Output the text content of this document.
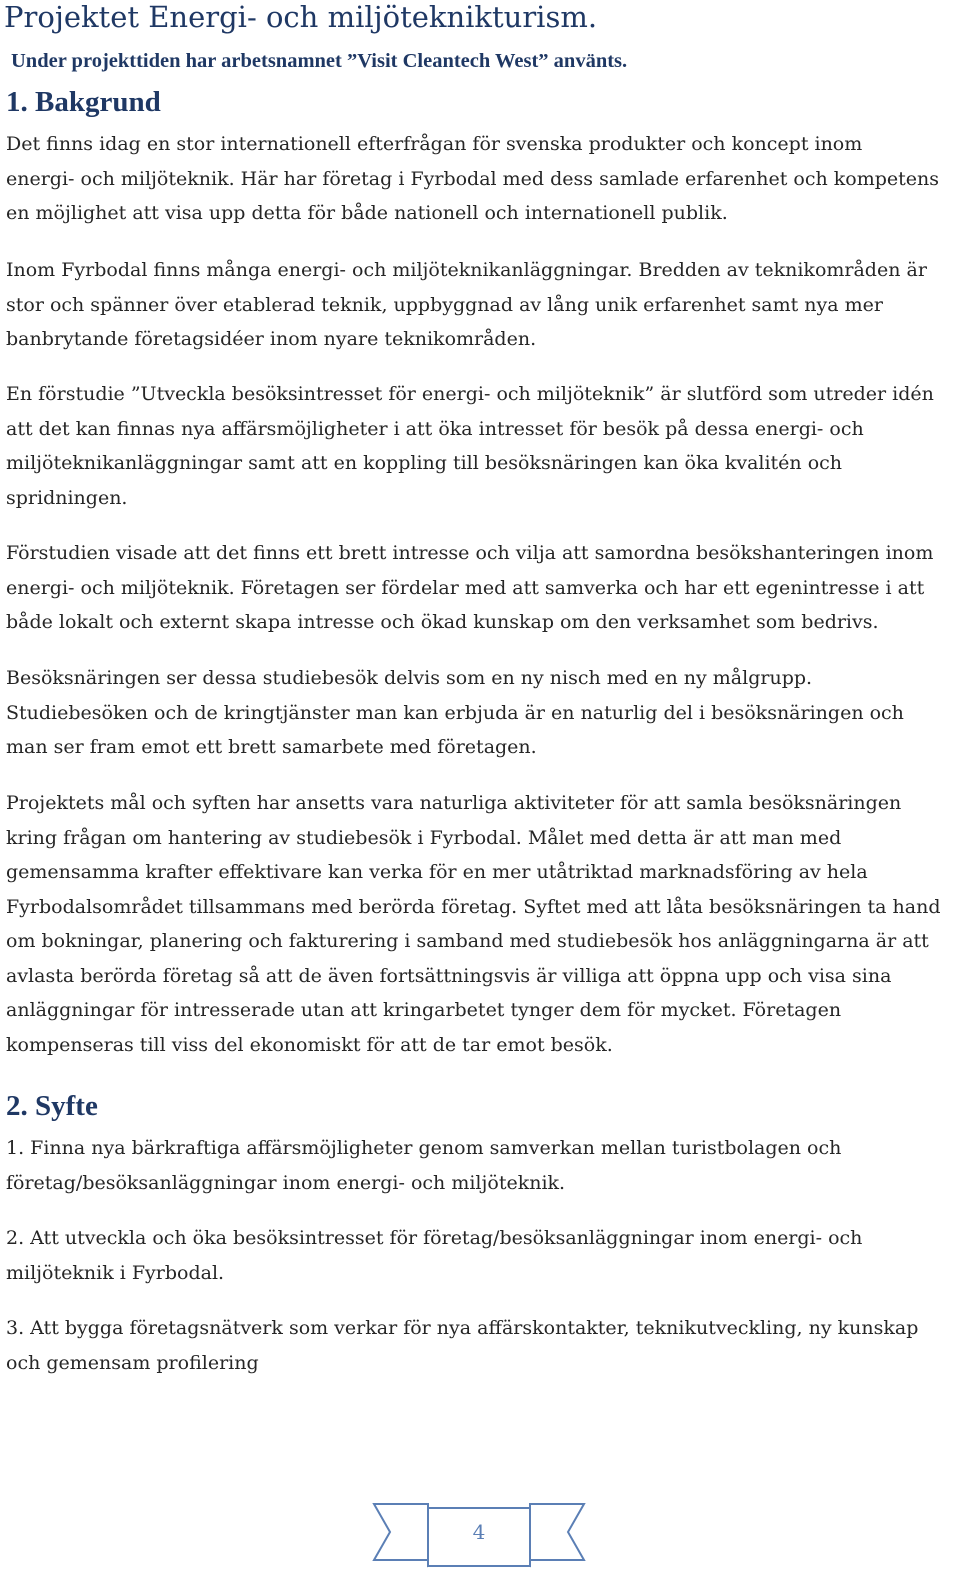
Projektet Energi- och miljöteknikturism.
Under projekttiden har arbetsnamnet ”Visit Cleantech West” använts.
1. Bakgrund
Det finns idag en stor internationell efterfrågan för svenska produkter och koncept inom
energi- och miljöteknik. Här har företag i Fyrbodal med dess samlade erfarenhet och kompetens
en möjlighet att visa upp detta för både nationell och internationell publik.
Inom Fyrbodal finns många energi- och miljöteknikanläggningar. Bredden av teknikområden är
stor och spänner över etablerad teknik, uppbyggnad av lång unik erfarenhet samt nya mer
banbrytande företagsidéer inom nyare teknikområden.
En förstudie ”Utveckla besöksintresset för energi- och miljöteknik” är slutförd som utreder idén
att det kan finnas nya affärsmöjligheter i att öka intresset för besök på dessa energi- och
miljöteknikanläggningar samt att en koppling till besöksnäringen kan öka kvalitén och
spridningen.
Förstudien visade att det finns ett brett intresse och vilja att samordna besökshanteringen inom
energi- och miljöteknik. Företagen ser fördelar med att samverka och har ett egenintresse i att
både lokalt och externt skapa intresse och ökad kunskap om den verksamhet som bedrivs.
Besöksnäringen ser dessa studiebesök delvis som en ny nisch med en ny målgrupp.
Studiebesöken och de kringtjänster man kan erbjuda är en naturlig del i besöksnäringen och
man ser fram emot ett brett samarbete med företagen.
Projektets mål och syften har ansetts vara naturliga aktiviteter för att samla besöksnäringen
kring frågan om hantering av studiebesök i Fyrbodal. Målet med detta är att man med
gemensamma krafter effektivare kan verka för en mer utåtriktad marknadsföring av hela
Fyrbodalsområdet tillsammans med berörda företag. Syftet med att låta besöksnäringen ta hand
om bokningar, planering och fakturering i samband med studiebesök hos anläggningarna är att
avlasta berörda företag så att de även fortsättningsvis är villiga att öppna upp och visa sina
anläggningar för intresserade utan att kringarbetet tynger dem för mycket. Företagen
kompenseras till viss del ekonomiskt för att de tar emot besök.
2. Syfte
1. Finna nya bärkraftiga affärsmöjligheter genom samverkan mellan turistbolagen och
företag/besöksanläggningar inom energi- och miljöteknik.
2. Att utveckla och öka besöksintresset för företag/besöksanläggningar inom energi- och
miljöteknik i Fyrbodal.
3. Att bygga företagsnätverk som verkar för nya affärskontakter, teknikutveckling, ny kunskap
och gemensam profilering
4
